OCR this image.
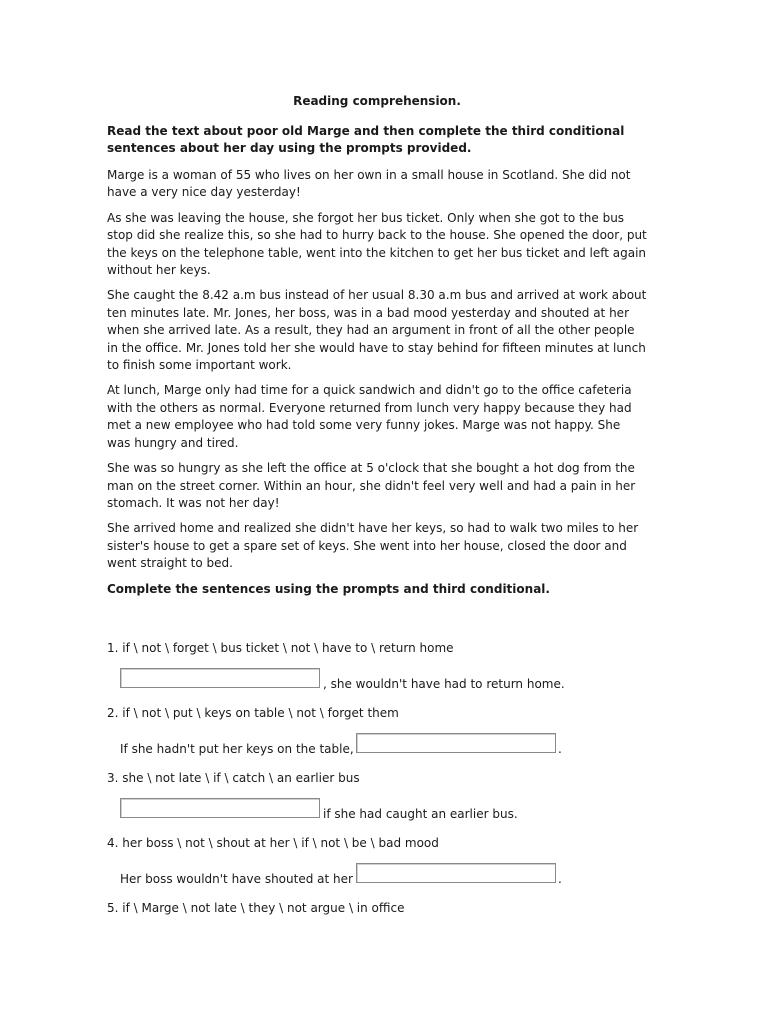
Reading comprehension.

Read the text about poor old Marge and then complete the third conditional sentences about her day using the prompts provided.

Marge is a woman of 55 who lives on her own in a small house in Scotland. She did not have a very nice day yesterday!

As she was leaving the house, she forgot her bus ticket. Only when she got to the bus stop did she realize this, so she had to hurry back to the house. She opened the door, put the keys on the telephone table, went into the kitchen to get her bus ticket and left again without her keys.

She caught the 8.42 a.m bus instead of her usual 8.30 a.m bus and arrived at work about ten minutes late. Mr. Jones, her boss, was in a bad mood yesterday and shouted at her when she arrived late. As a result, they had an argument in front of all the other people in the office. Mr. Jones told her she would have to stay behind for fifteen minutes at lunch to finish some important work.

At lunch, Marge only had time for a quick sandwich and didn't go to the office cafeteria with the others as normal. Everyone returned from lunch very happy because they had met a new employee who had told some very funny jokes. Marge was not happy. She was hungry and tired.

She was so hungry as she left the office at 5 o'clock that she bought a hot dog from the man on the street corner. Within an hour, she didn't feel very well and had a pain in her stomach. It was not her day!

She arrived home and realized she didn't have her keys, so had to walk two miles to her sister's house to get a spare set of keys. She went into her house, closed the door and went straight to bed.

Complete the sentences using the prompts and third conditional.

1. if \ not \ forget \ bus ticket \ not \ have to \ return home

, she wouldn't have had to return home.

2. if \ not \ put \ keys on table \ not \ forget them

If she hadn't put her keys on the table,	.

3. she \ not late \ if \ catch \ an earlier bus

if she had caught an earlier bus.

4. her boss \ not \ shout at her \ if \ not \ be \ bad mood

Her boss wouldn't have shouted at her	.

5. if \ Marge \ not late \ they \ not argue \ in office
